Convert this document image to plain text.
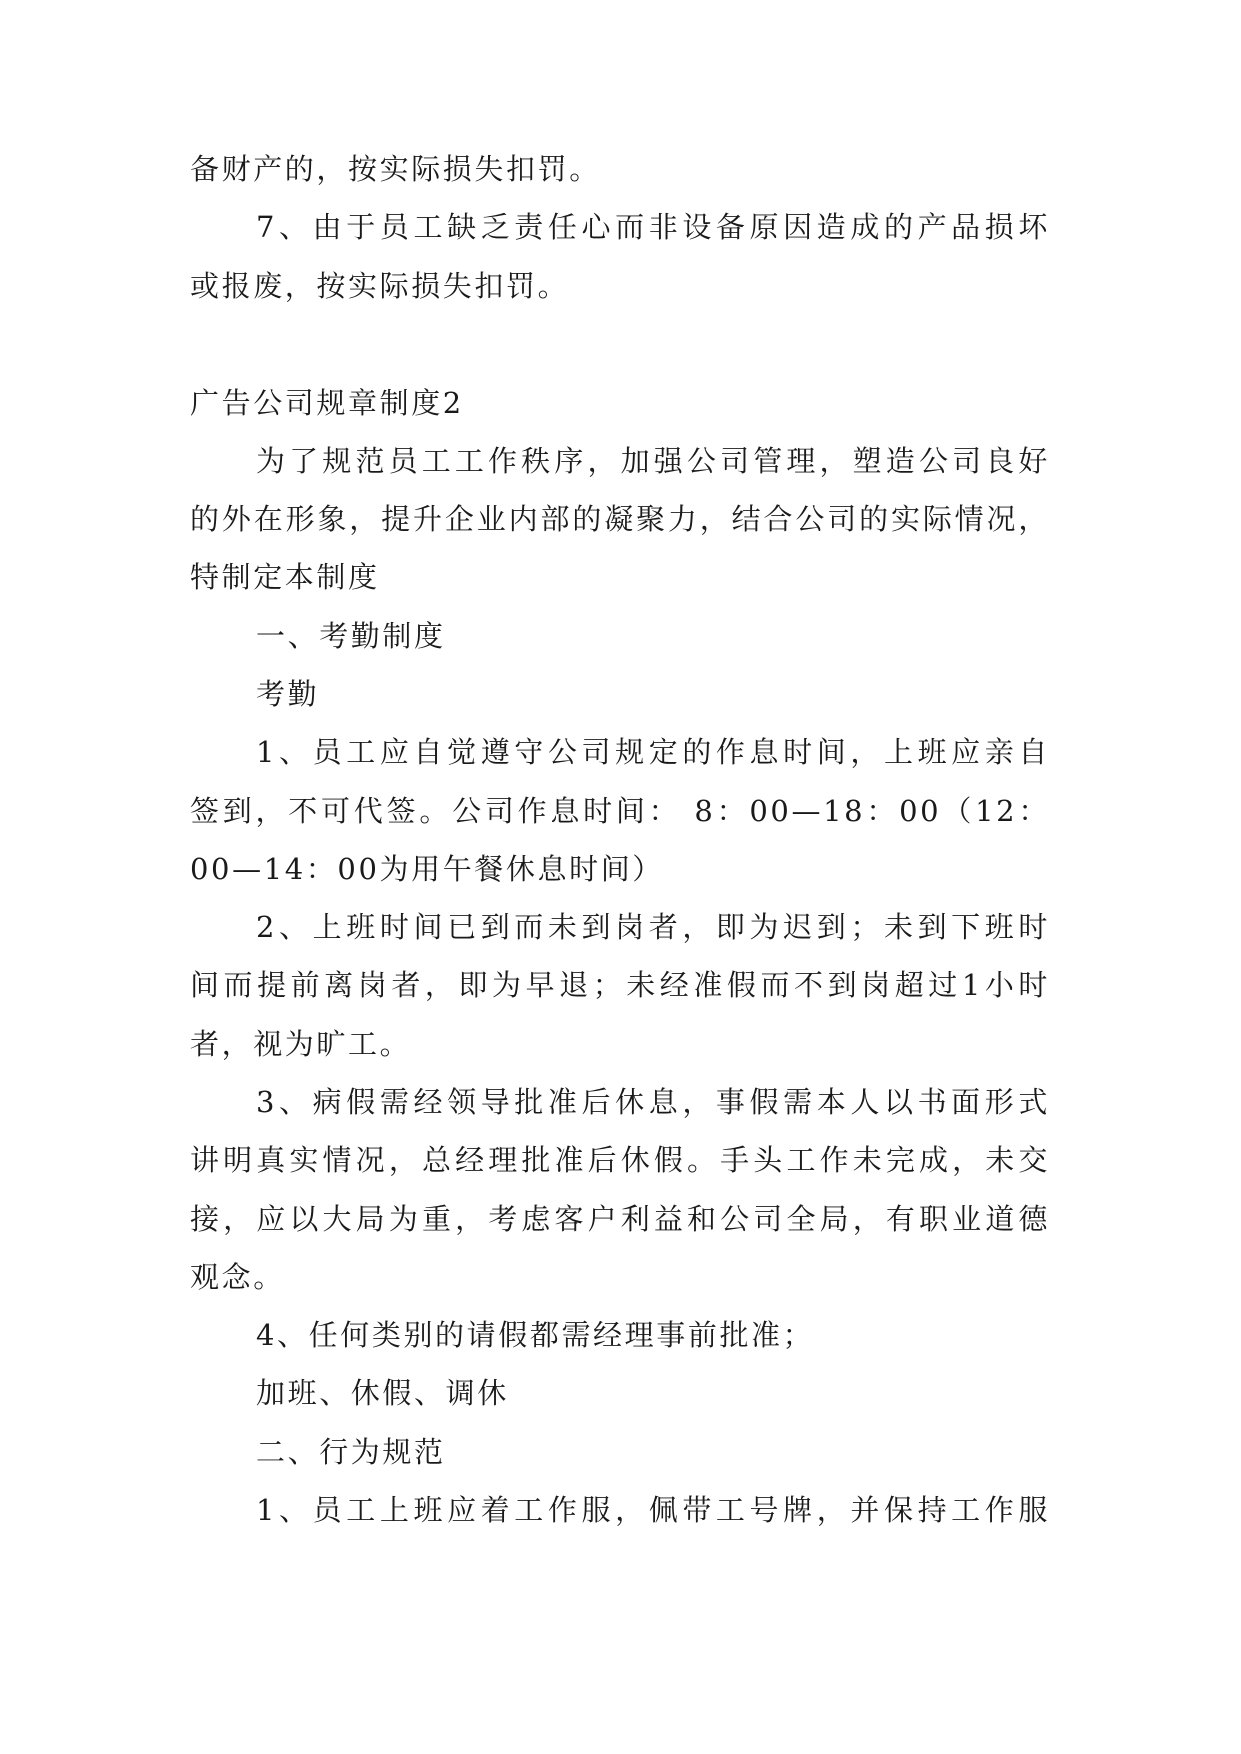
备财产的，按实际损失扣罚。

7、由于员工缺乏责任心而非设备原因造成的产品损坏

或报废，按实际损失扣罚。

广告公司规章制度2

为了规范员工工作秩序，加强公司管理，塑造公司良好

的外在形象，提升企业内部的凝聚力，结合公司的实际情况，

特制定本制度

一、考勤制度

考勤

1、员工应自觉遵守公司规定的作息时间，上班应亲自

签到，不可代签。公司作息时间： 8：00—18：00（12：

00—14：00为用午餐休息时间）

2、上班时间已到而未到岗者，即为迟到；未到下班时

间而提前离岗者，即为早退；未经准假而不到岗超过1小时

者，视为旷工。

3、病假需经领导批准后休息，事假需本人以书面形式

讲明真实情况，总经理批准后休假。手头工作未完成，未交

接，应以大局为重，考虑客户利益和公司全局，有职业道德

观念。

4、任何类别的请假都需经理事前批准；

加班、休假、调休

二、行为规范

1、员工上班应着工作服，佩带工号牌，并保持工作服
